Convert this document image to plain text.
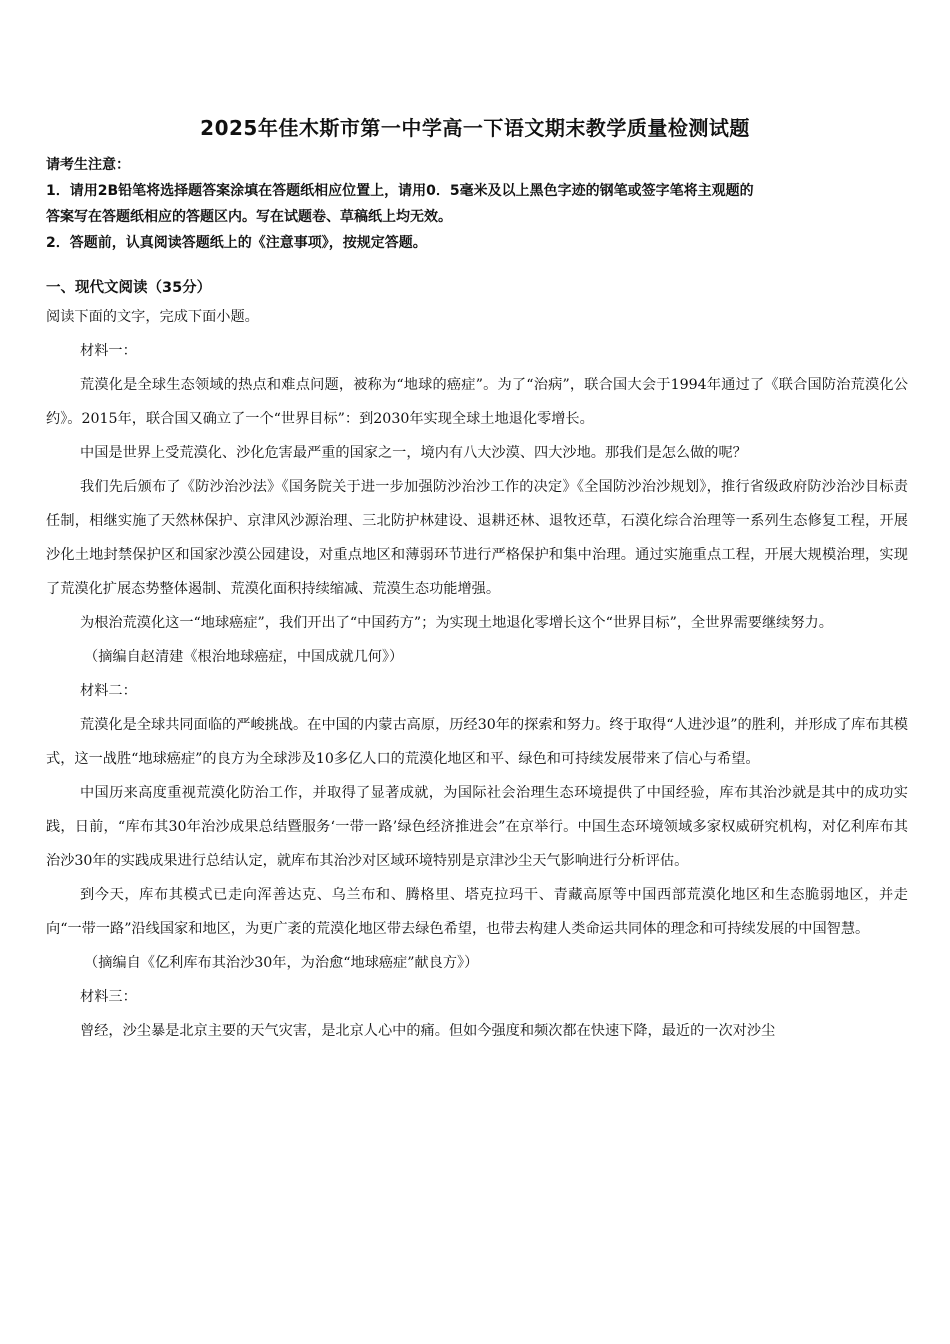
2025年佳木斯市第一中学高一下语文期末教学质量检测试题
请考生注意：
1．请用2B铅笔将选择题答案涂填在答题纸相应位置上，请用0．5毫米及以上黑色字迹的钢笔或签字笔将主观题的
答案写在答题纸相应的答题区内。写在试题卷、草稿纸上均无效。
2．答题前，认真阅读答题纸上的《注意事项》，按规定答题。
一、现代文阅读（35分）

阅读下面的文字，完成下面小题。

材料一：

荒漠化是全球生态领域的热点和难点问题，被称为“地球的癌症”。为了“治病”，联合国大会于1994年通过了《联合国防治荒漠化公约》。2015年，联合国又确立了一个“世界目标”：到2030年实现全球土地退化零增长。

中国是世界上受荒漠化、沙化危害最严重的国家之一，境内有八大沙漠、四大沙地。那我们是怎么做的呢？

我们先后颁布了《防沙治沙法》《国务院关于进一步加强防沙治沙工作的决定》《全国防沙治沙规划》，推行省级政府防沙治沙目标责任制，相继实施了天然林保护、京津风沙源治理、三北防护林建设、退耕还林、退牧还草，石漠化综合治理等一系列生态修复工程，开展沙化土地封禁保护区和国家沙漠公园建设，对重点地区和薄弱环节进行严格保护和集中治理。通过实施重点工程，开展大规模治理，实现了荒漠化扩展态势整体遏制、荒漠化面积持续缩减、荒漠生态功能增强。

为根治荒漠化这一“地球癌症”，我们开出了“中国药方”；为实现土地退化零增长这个“世界目标”，全世界需要继续努力。

（摘编自赵清建《根治地球癌症，中国成就几何》）

材料二：

荒漠化是全球共同面临的严峻挑战。在中国的内蒙古高原，历经30年的探索和努力。终于取得“人进沙退”的胜利，并形成了库布其模式，这一战胜“地球癌症”的良方为全球涉及10多亿人口的荒漠化地区和平、绿色和可持续发展带来了信心与希望。

中国历来高度重视荒漠化防治工作，并取得了显著成就，为国际社会治理生态环境提供了中国经验，库布其治沙就是其中的成功实践，日前，“库布其30年治沙成果总结暨服务‘一带一路’绿色经济推进会”在京举行。中国生态环境领域多家权威研究机构，对亿利库布其治沙30年的实践成果进行总结认定，就库布其治沙对区域环境特别是京津沙尘天气影响进行分析评估。

到今天，库布其模式已走向浑善达克、乌兰布和、腾格里、塔克拉玛干、青藏高原等中国西部荒漠化地区和生态脆弱地区，并走向“一带一路”沿线国家和地区，为更广袤的荒漠化地区带去绿色希望，也带去构建人类命运共同体的理念和可持续发展的中国智慧。

（摘编自《亿利库布其治沙30年，为治愈“地球癌症”献良方》）

材料三：

曾经，沙尘暴是北京主要的天气灾害，是北京人心中的痛。但如今强度和频次都在快速下降，最近的一次对沙尘
